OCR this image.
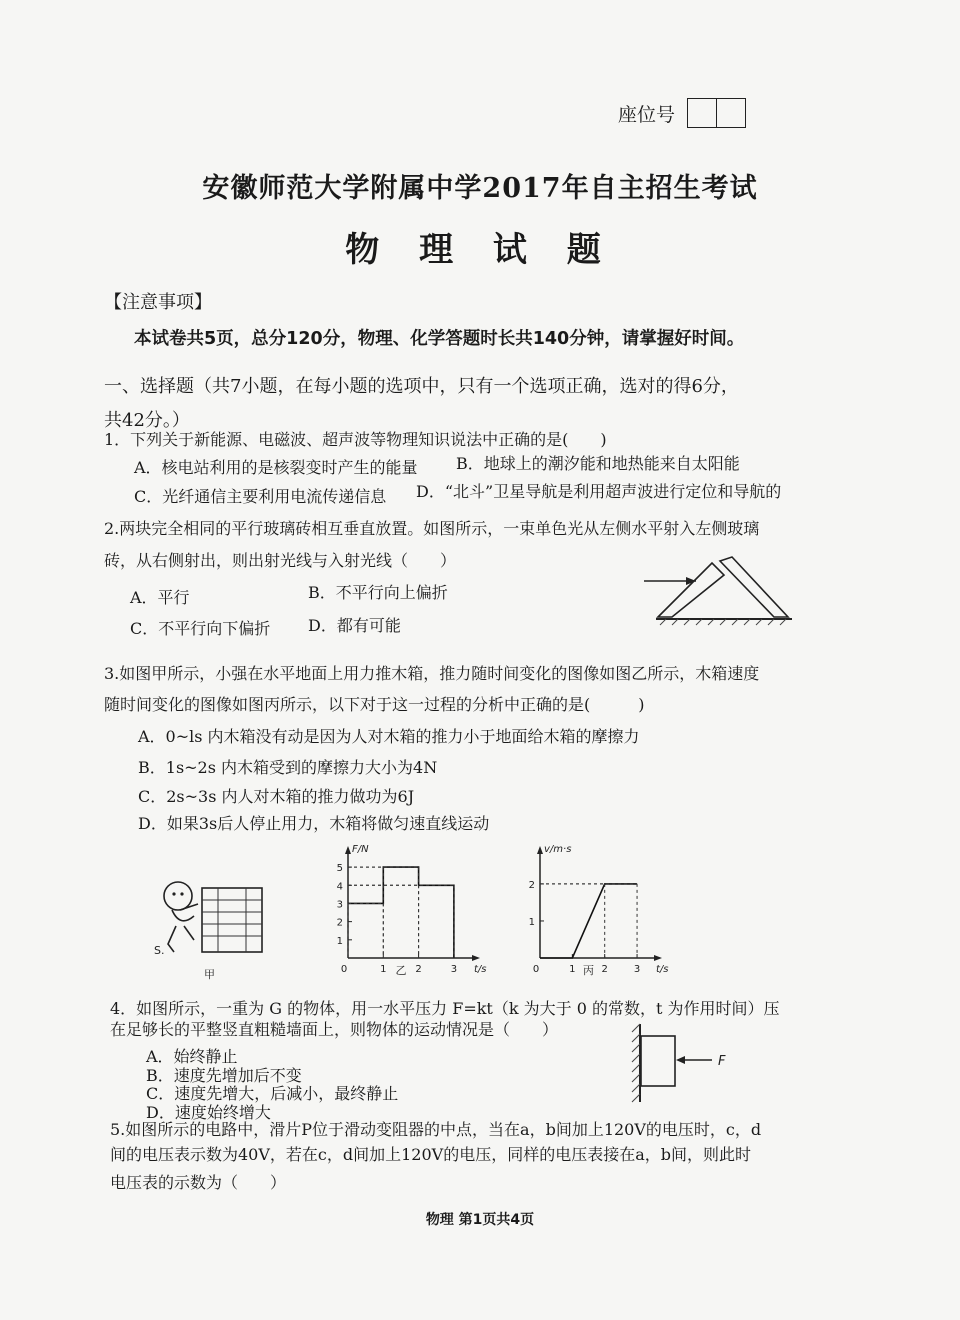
座位号
安徽师范大学附属中学2017年自主招生考试
物 理 试 题
【注意事项】
本试卷共5页，总分120分，物理、化学答题时长共140分钟，请掌握好时间。
一、选择题（共7小题，在每小题的选项中，只有一个选项正确，选对的得6分，
共42分。）
1．下列关于新能源、电磁波、超声波等物理知识说法中正确的是(　　)
A．核电站利用的是核裂变时产生的能量 B．地球上的潮汐能和地热能来自太阳能
C．光纤通信主要利用电流传递信息 D．“北斗”卫星导航是利用超声波进行定位和导航的
2.两块完全相同的平行玻璃砖相互垂直放置。如图所示，一束单色光从左侧水平射入左侧玻璃
砖，从右侧射出，则出射光线与入射光线（　　）
A．平行	B．不平行向上偏折
C．不平行向下偏折 D．都有可能
3.如图甲所示，小强在水平地面上用力推木箱，推力随时间变化的图像如图乙所示，木箱速度
随时间变化的图像如图丙所示，以下对于这一过程的分析中正确的是(　　　)
A．0~ls 内木箱没有动是因为人对木箱的推力小于地面给木箱的摩擦力
B．1s~2s 内木箱受到的摩擦力大小为4N
C．2s~3s 内人对木箱的推力做功为6J
D．如果3s后人停止用力，木箱将做匀速直线运动
S.
甲
1
2
3
4
5
0	1	2	3 t/s
F/N
乙
1
2
0	1	2	3 t/s
v/m·s
丙
4．如图所示，一重为 G 的物体，用一水平压力 F=kt（k 为大于 0 的常数，t 为作用时间）压
在足够长的平整竖直粗糙墙面上，则物体的运动情况是（　　）
A．始终静止
B．速度先增加后不变
C．速度先增大，后减小，最终静止
D．速度始终增大
F
5.如图所示的电路中，滑片P位于滑动变阻器的中点，当在a，b间加上120V的电压时，c，d
间的电压表示数为40V，若在c，d间加上120V的电压，同样的电压表接在a，b间，则此时
电压表的示数为（　　）
物理 第1页共4页
